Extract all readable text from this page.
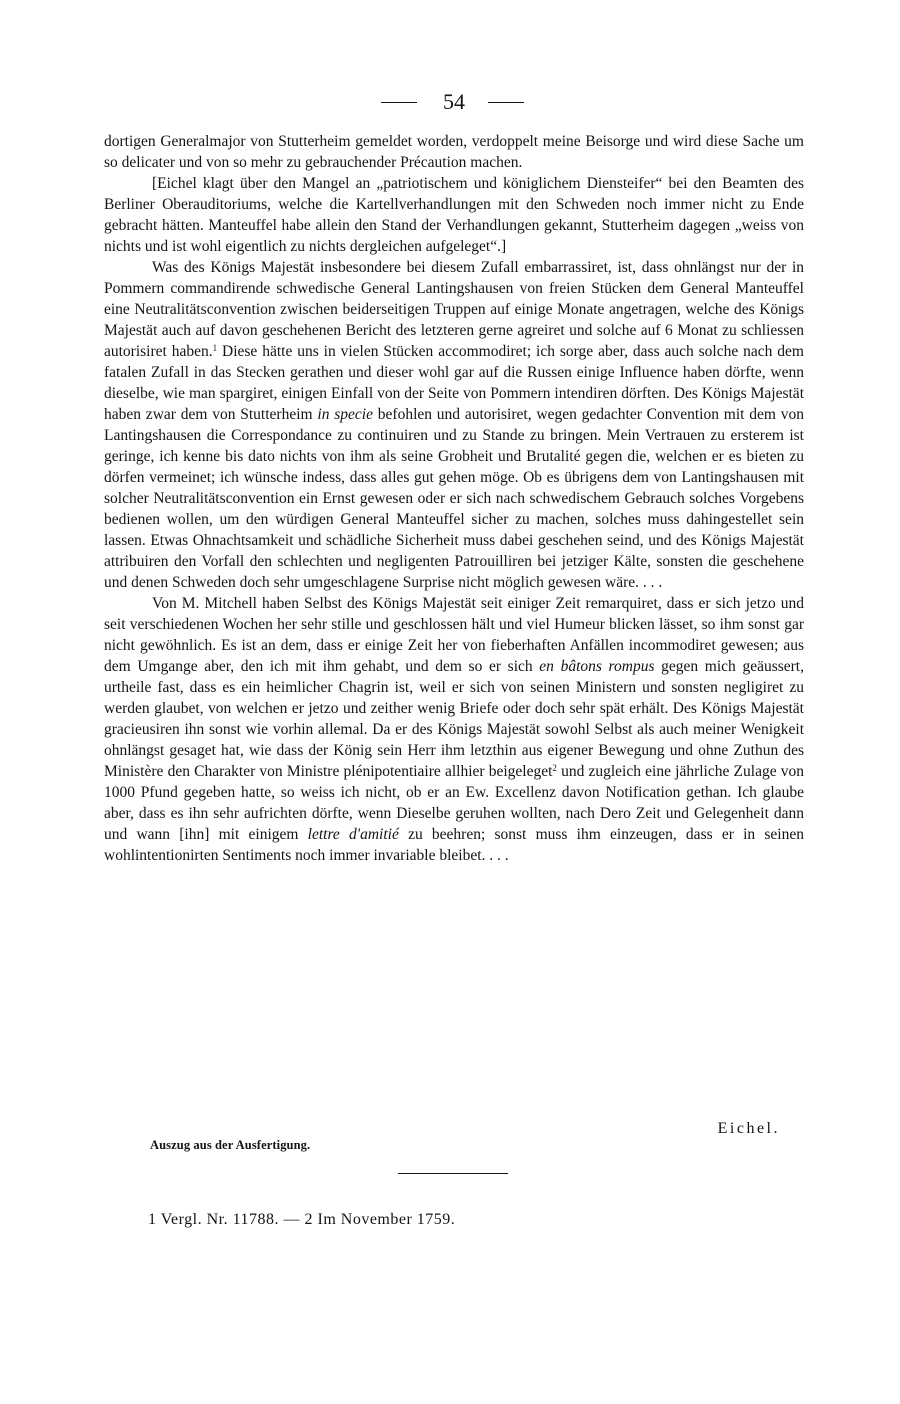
54

dortigen Generalmajor von Stutterheim gemeldet worden, verdoppelt meine Beisorge und wird diese Sache um so delicater und von so mehr zu gebrauchender Précaution machen.

[Eichel klagt über den Mangel an „patriotischem und königlichem Diensteifer“ bei den Beamten des Berliner Oberauditoriums, welche die Kartellverhandlungen mit den Schweden noch immer nicht zu Ende gebracht hätten. Manteuffel habe allein den Stand der Verhandlungen gekannt, Stutterheim dagegen „weiss von nichts und ist wohl eigentlich zu nichts dergleichen aufgeleget“.]

Was des Königs Majestät insbesondere bei diesem Zufall embarrassiret, ist, dass ohnlängst nur der in Pommern commandirende schwedische General Lantingshausen von freien Stücken dem General Manteuffel eine Neutralitätsconvention zwischen beiderseitigen Truppen auf einige Monate angetragen, welche des Königs Majestät auch auf davon geschehenen Bericht des letzteren gerne agreiret und solche auf 6 Monat zu schliessen autorisiret haben.$^1$ Diese hätte uns in vielen Stücken accommodiret; ich sorge aber, dass auch solche nach dem fatalen Zufall in das Stecken gerathen und dieser wohl gar auf die Russen einige Influence haben dörfte, wenn dieselbe, wie man spargiret, einigen Einfall von der Seite von Pommern intendiren dörften. Des Königs Majestät haben zwar dem von Stutterheim in specie befohlen und autorisiret, wegen gedachter Convention mit dem von Lantingshausen die Correspondance zu continuiren und zu Stande zu bringen. Mein Vertrauen zu ersterem ist geringe, ich kenne bis dato nichts von ihm als seine Grobheit und Brutalité gegen die, welchen er es bieten zu dörfen vermeinet; ich wünsche indess, dass alles gut gehen möge. Ob es übrigens dem von Lantingshausen mit solcher Neutralitätsconvention ein Ernst gewesen oder er sich nach schwedischem Gebrauch solches Vorgebens bedienen wollen, um den würdigen General Manteuffel sicher zu machen, solches muss dahingestellet sein lassen. Etwas Ohnachtsamkeit und schädliche Sicherheit muss dabei geschehen seind, und des Königs Majestät attribuiren den Vorfall den schlechten und negligenten Patrouilliren bei jetziger Kälte, sonsten die geschehene und denen Schweden doch sehr umgeschlagene Surprise nicht möglich gewesen wäre. . . .

Von M. Mitchell haben Selbst des Königs Majestät seit einiger Zeit remarquiret, dass er sich jetzo und seit verschiedenen Wochen her sehr stille und geschlossen hält und viel Humeur blicken lässet, so ihm sonst gar nicht gewöhnlich. Es ist an dem, dass er einige Zeit her von fieberhaften Anfällen incommodiret gewesen; aus dem Umgange aber, den ich mit ihm gehabt, und dem so er sich en bâtons rompus gegen mich geäussert, urtheile fast, dass es ein heimlicher Chagrin ist, weil er sich von seinen Ministern und sonsten negligiret zu werden glaubet, von welchen er jetzo und zeither wenig Briefe oder doch sehr spät erhält. Des Königs Majestät gracieusiren ihn sonst wie vorhin allemal. Da er des Königs Majestät sowohl Selbst als auch meiner Wenigkeit ohnlängst gesaget hat, wie dass der König sein Herr ihm letzthin aus eigener Bewegung und ohne Zuthun des Ministère den Charakter von Ministre plénipotentiaire allhier beigeleget$^2$ und zugleich eine jährliche Zulage von 1000 Pfund gegeben hatte, so weiss ich nicht, ob er an Ew. Excellenz davon Notification gethan. Ich glaube aber, dass es ihn sehr aufrichten dörfte, wenn Dieselbe geruhen wollten, nach Dero Zeit und Gelegenheit dann und wann [ihn] mit einigem lettre d'amitié zu beehren; sonst muss ihm einzeugen, dass er in seinen wohlintentionirten Sentiments noch immer invariable bleibet. . . .

Eichel.
Auszug aus der Ausfertigung.
1 Vergl. Nr. 11788. — 2 Im November 1759.
